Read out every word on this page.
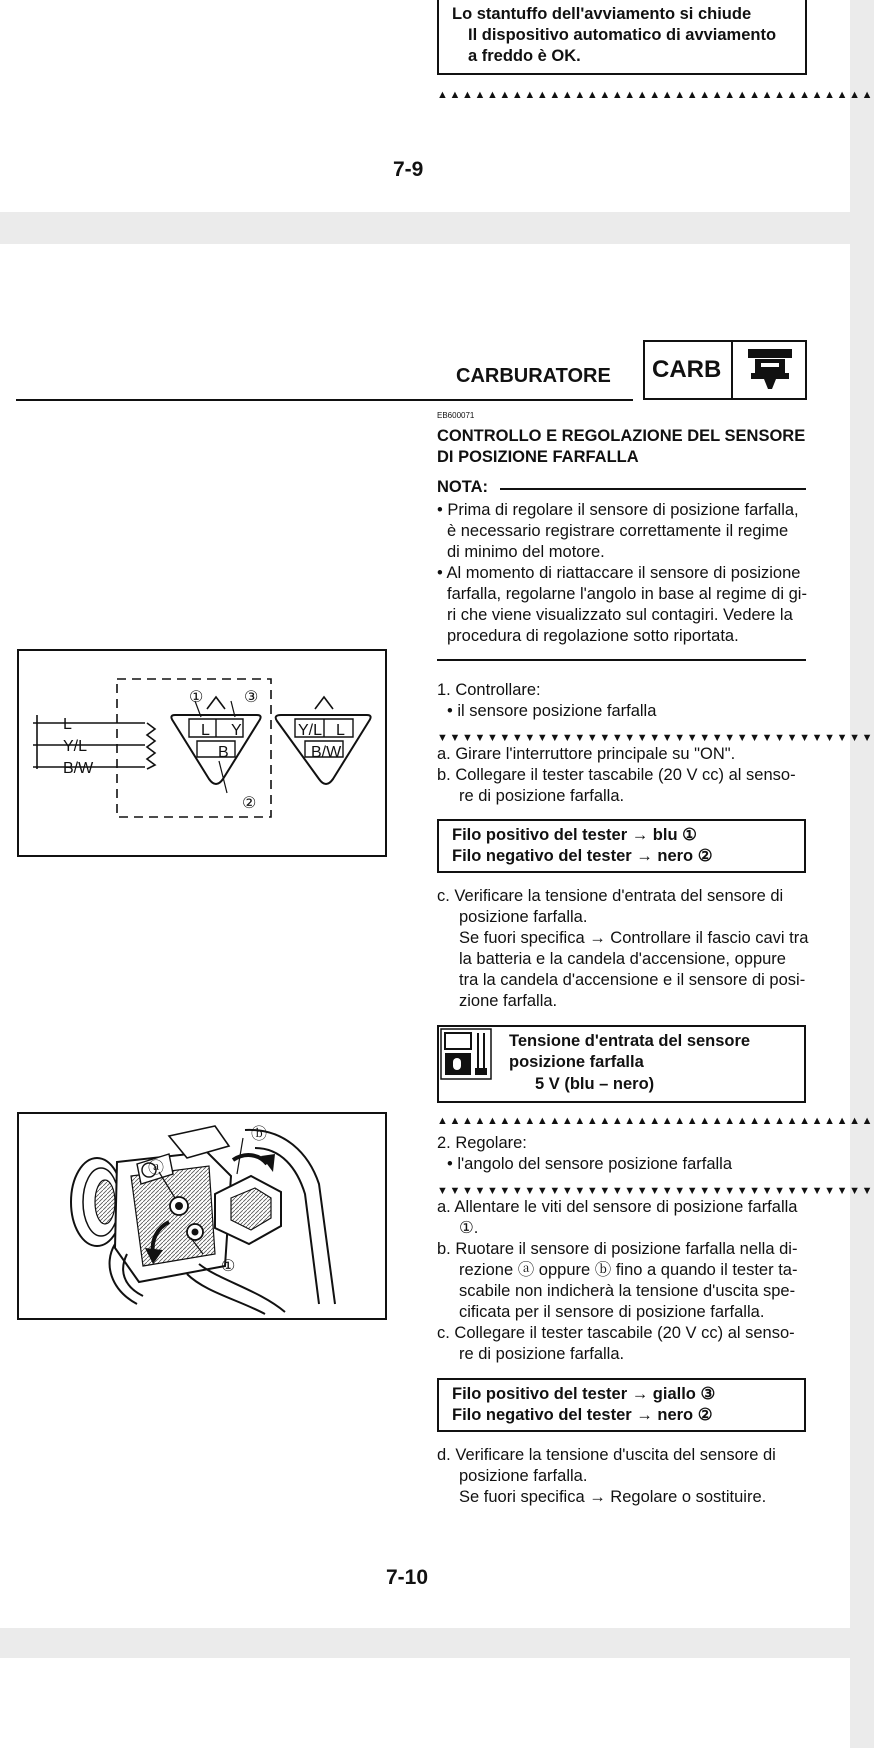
Lo stantuffo dell'avviamento si chiude
Il dispositivo automatico di avviamento
a freddo è OK.
▲▲▲▲▲▲▲▲▲▲▲▲▲▲▲▲▲▲▲▲▲▲▲▲▲▲▲▲▲▲▲▲▲▲▲
7-9
CARBURATORE CARB
EB600071
CONTROLLO E REGOLAZIONE DEL SENSORE
DI POSIZIONE FARFALLA
NOTA:
• Prima di regolare il sensore di posizione farfalla,
è necessario registrare correttamente il regime
di minimo del motore.
• Al momento di riattaccare il sensore di posizione
farfalla, regolarne l'angolo in base al regime di gi-
ri che viene visualizzato sul contagiri. Vedere la
procedura di regolazione sotto riportata.
L
Y/L
B/W
L Y
B
Y/L L
B/W
①	③
②
1. Controllare:
• il sensore posizione farfalla
▼▼▼▼▼▼▼▼▼▼▼▼▼▼▼▼▼▼▼▼▼▼▼▼▼▼▼▼▼▼▼▼▼▼▼
a. Girare l'interruttore principale su "ON".
b. Collegare il tester tascabile (20 V cc) al senso-
re di posizione farfalla.
Filo positivo del tester → blu ①
Filo negativo del tester → nero ②
c. Verificare la tensione d'entrata del sensore di
posizione farfalla.
Se fuori specifica → Controllare il fascio cavi tra
la batteria e la candela d'accensione, oppure
tra la candela d'accensione e il sensore di posi-
zione farfalla.
Tensione d'entrata del sensore
posizione farfalla
5 V (blu – nero)
▲▲▲▲▲▲▲▲▲▲▲▲▲▲▲▲▲▲▲▲▲▲▲▲▲▲▲▲▲▲▲▲▲▲▲
ⓐ
ⓑ
①
2. Regolare:
• l'angolo del sensore posizione farfalla
▼▼▼▼▼▼▼▼▼▼▼▼▼▼▼▼▼▼▼▼▼▼▼▼▼▼▼▼▼▼▼▼▼▼▼
a. Allentare le viti del sensore di posizione farfalla
①.
b. Ruotare il sensore di posizione farfalla nella di-
rezione ⓐ oppure ⓑ fino a quando il tester ta-
scabile non indicherà la tensione d'uscita spe-
cificata per il sensore di posizione farfalla.
c. Collegare il tester tascabile (20 V cc) al senso-
re di posizione farfalla.
Filo positivo del tester → giallo ③
Filo negativo del tester → nero ②
d. Verificare la tensione d'uscita del sensore di
posizione farfalla.
Se fuori specifica → Regolare o sostituire.
7-10
